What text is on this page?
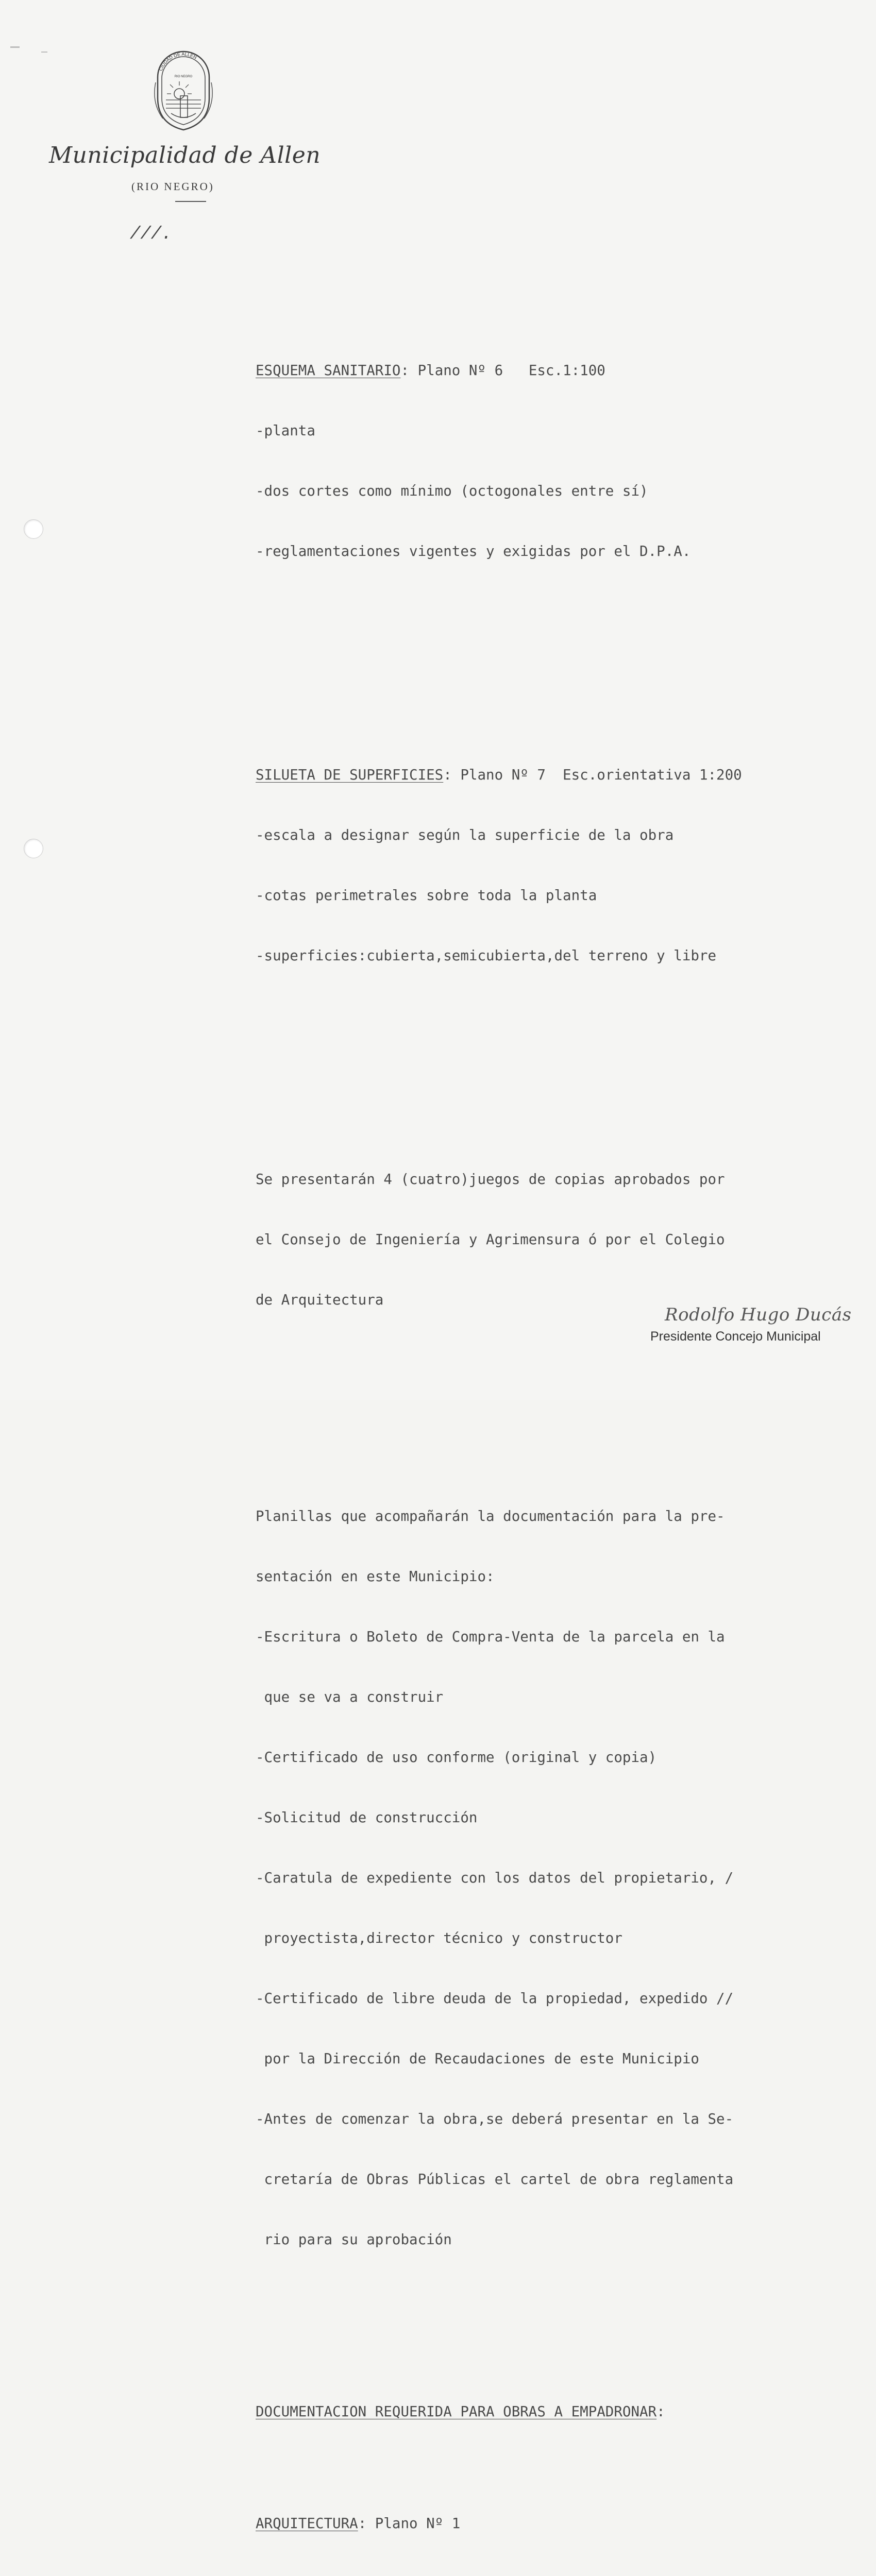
CIUDAD DE ALLEN
RIO NEGRO
Municipalidad de Allen
(RIO NEGRO)
///.

ESQUEMA SANITARIO: Plano Nº 6   Esc.1:100

-planta

-dos cortes como mínimo (octogonales entre sí)

-reglamentaciones vigentes y exigidas por el D.P.A.

SILUETA DE SUPERFICIES: Plano Nº 7  Esc.orientativa 1:200

-escala a designar según la superficie de la obra

-cotas perimetrales sobre toda la planta

-superficies:cubierta,semicubierta,del terreno y libre

Se presentarán 4 (cuatro)juegos de copias aprobados por

el Consejo de Ingeniería y Agrimensura ó por el Colegio

de Arquitectura

Planillas que acompañarán la documentación para la pre-

sentación en este Municipio:

-Escritura o Boleto de Compra-Venta de la parcela en la

que se va a construir

-Certificado de uso conforme (original y copia)

-Solicitud de construcción

-Caratula de expediente con los datos del propietario, /

proyectista,director técnico y constructor

-Certificado de libre deuda de la propiedad, expedido //

por la Dirección de Recaudaciones de este Municipio

-Antes de comenzar la obra,se deberá presentar en la Se-

cretaría de Obras Públicas el cartel de obra reglamenta

rio para su aprobación

DOCUMENTACION REQUERIDA PARA OBRAS A EMPADRONAR:

ARQUITECTURA: Plano Nº 1

Rodolfo Hugo Ducás
Presidente Concejo Municipal
